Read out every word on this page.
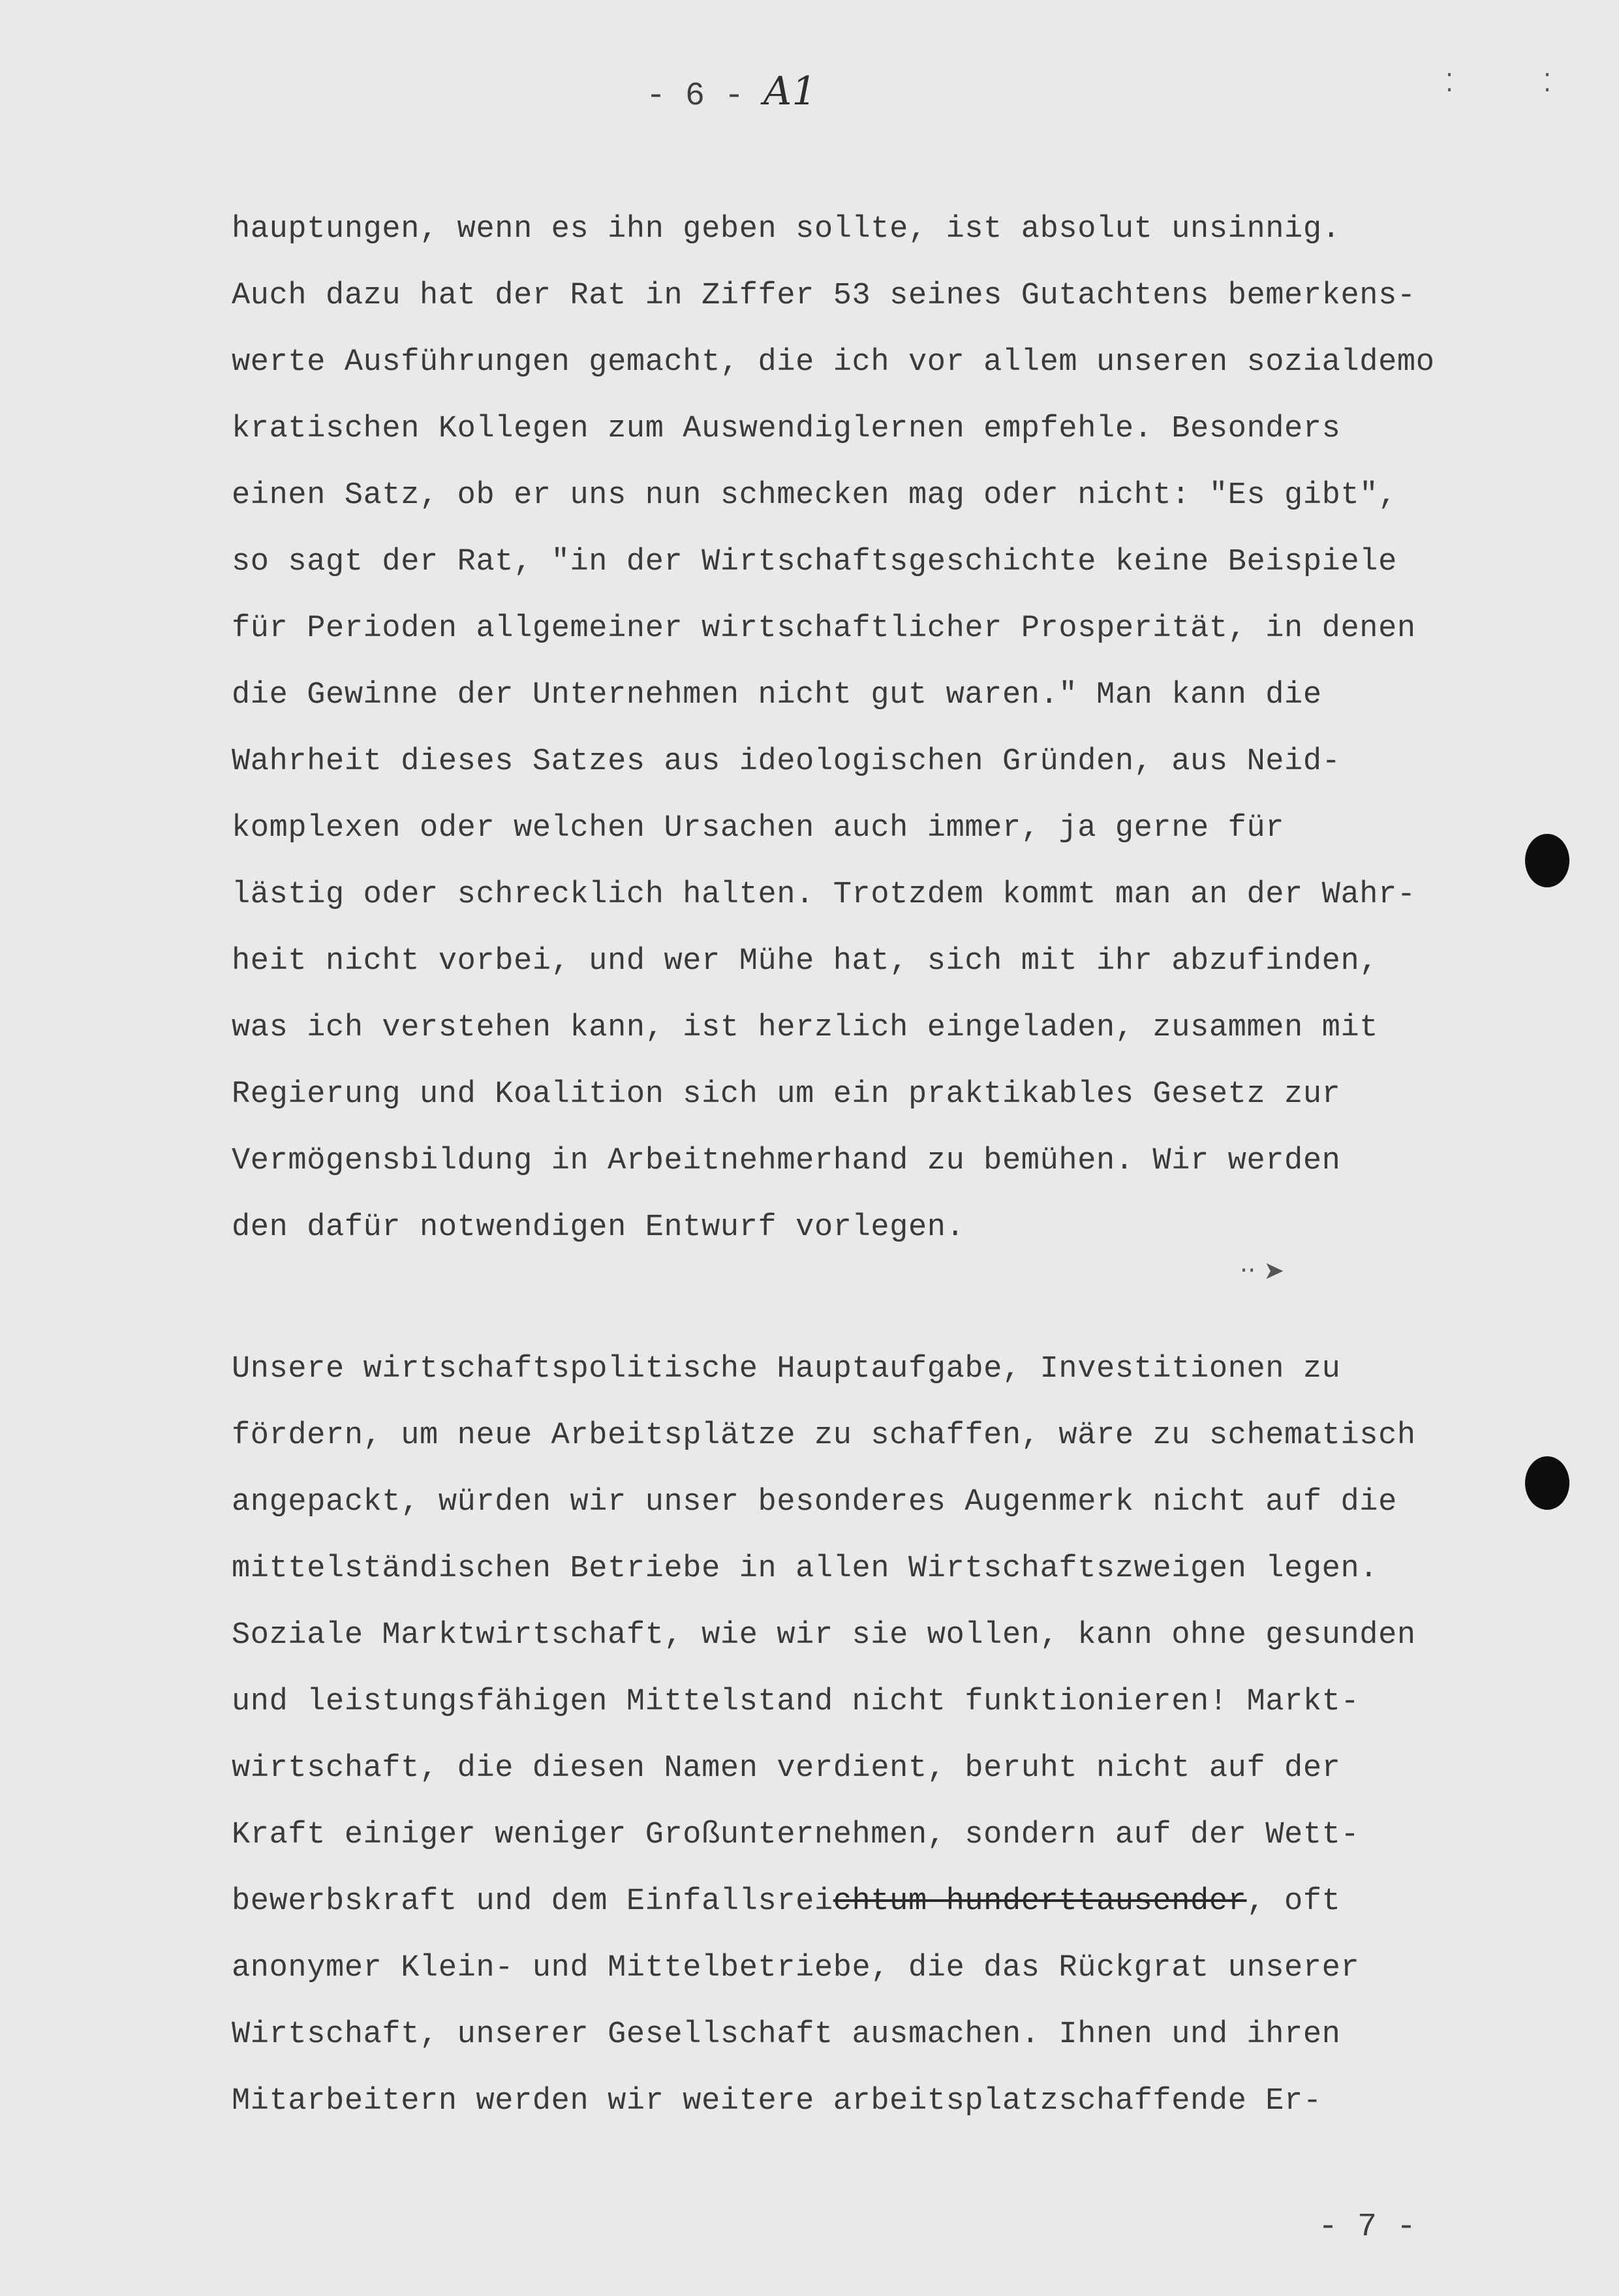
- 6 - A1	⁚	⁚
hauptungen, wenn es ihn geben sollte, ist absolut unsinnig.
Auch dazu hat der Rat in Ziffer 53 seines Gutachtens bemerkens-
werte Ausführungen gemacht, die ich vor allem unseren sozialdemo
kratischen Kollegen zum Auswendiglernen empfehle. Besonders
einen Satz, ob er uns nun schmecken mag oder nicht: "Es gibt",
so sagt der Rat, "in der Wirtschaftsgeschichte keine Beispiele
für Perioden allgemeiner wirtschaftlicher Prosperität, in denen
die Gewinne der Unternehmen nicht gut waren." Man kann die
Wahrheit dieses Satzes aus ideologischen Gründen, aus Neid-
komplexen oder welchen Ursachen auch immer, ja gerne für
lästig oder schrecklich halten. Trotzdem kommt man an der Wahr-
heit nicht vorbei, und wer Mühe hat, sich mit ihr abzufinden,
was ich verstehen kann, ist herzlich eingeladen, zusammen mit
Regierung und Koalition sich um ein praktikables Gesetz zur
Vermögensbildung in Arbeitnehmerhand zu bemühen. Wir werden
den dafür notwendigen Entwurf vorlegen.
·· ➤
Unsere wirtschaftspolitische Hauptaufgabe, Investitionen zu
fördern, um neue Arbeitsplätze zu schaffen, wäre zu schematisch
angepackt, würden wir unser besonderes Augenmerk nicht auf die
mittelständischen Betriebe in allen Wirtschaftszweigen legen.
Soziale Marktwirtschaft, wie wir sie wollen, kann ohne gesunden
und leistungsfähigen Mittelstand nicht funktionieren! Markt-
wirtschaft, die diesen Namen verdient, beruht nicht auf der
Kraft einiger weniger Großunternehmen, sondern auf der Wett-
bewerbskraft und dem Einfallsreichtum hunderttausender, oft
anonymer Klein- und Mittelbetriebe, die das Rückgrat unserer
Wirtschaft, unserer Gesellschaft ausmachen. Ihnen und ihren
Mitarbeitern werden wir weitere arbeitsplatzschaffende Er-
- 7 -
